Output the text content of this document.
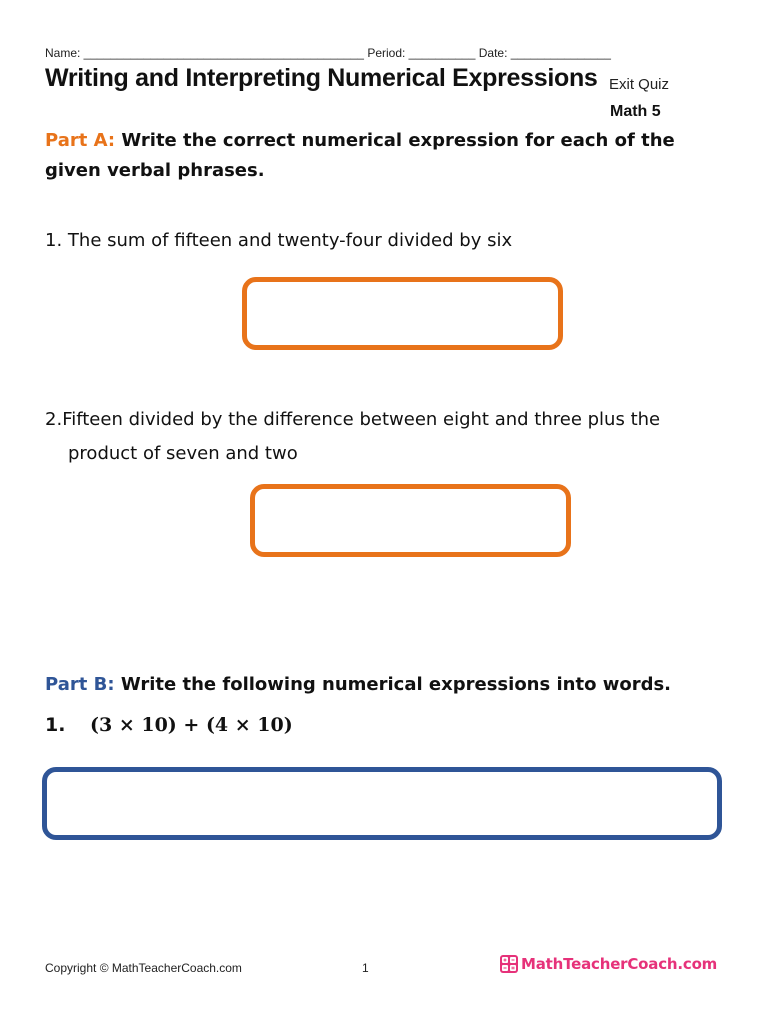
Name: __________________________________________ Period: __________ Date: _______________
Writing and Interpreting Numerical Expressions Exit Quiz
Math 5
Part A: Write the correct numerical expression for each of the given verbal phrases.
1. The sum of fifteen and twenty-four divided by six
2.Fifteen divided by the difference between eight and three plus the
product of seven and two
Part B: Write the following numerical expressions into words.
1. (3 × 10) + (4 × 10)
Copyright © MathTeacherCoach.com	1	MathTeacherCoach.com
